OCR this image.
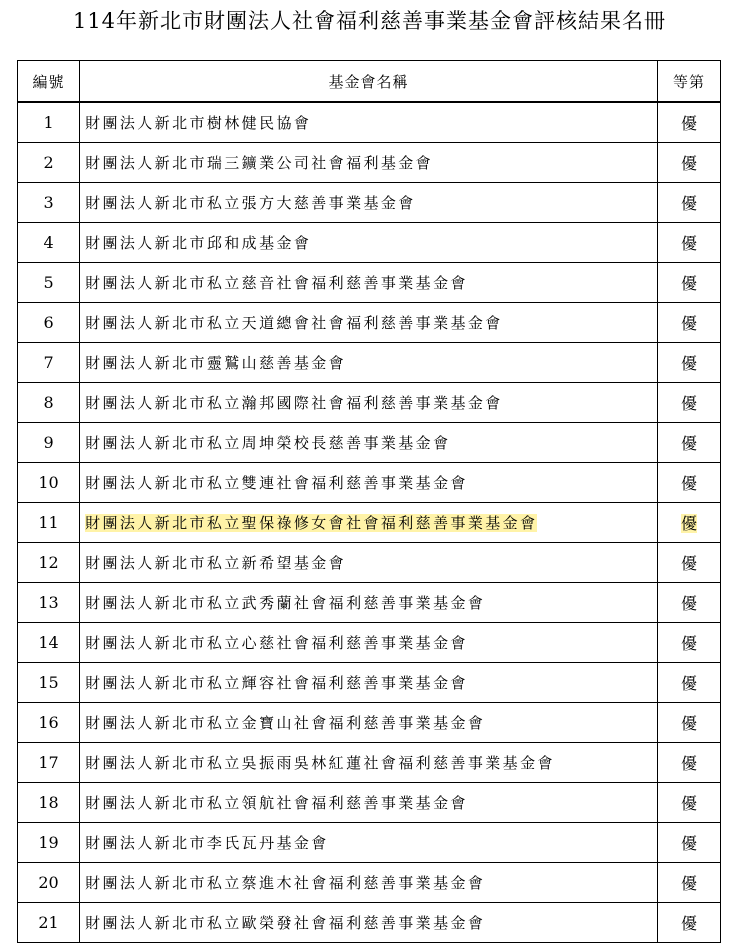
114年新北市財團法人社會福利慈善事業基金會評核結果名冊
編號	基金會名稱	等第
1	財團法人新北市樹林健民協會	優
2	財團法人新北市瑞三鑛業公司社會福利基金會	優
3	財團法人新北市私立張方大慈善事業基金會	優
4	財團法人新北市邱和成基金會	優
5	財團法人新北市私立慈音社會福利慈善事業基金會	優
6	財團法人新北市私立天道總會社會福利慈善事業基金會	優
7	財團法人新北市靈鷲山慈善基金會	優
8	財團法人新北市私立瀚邦國際社會福利慈善事業基金會	優
9	財團法人新北市私立周坤榮校長慈善事業基金會	優
10	財團法人新北市私立雙連社會福利慈善事業基金會	優
11	財團法人新北市私立聖保祿修女會社會福利慈善事業基金會	優
12	財團法人新北市私立新希望基金會	優
13	財團法人新北市私立武秀蘭社會福利慈善事業基金會	優
14	財團法人新北市私立心慈社會福利慈善事業基金會	優
15	財團法人新北市私立輝容社會福利慈善事業基金會	優
16	財團法人新北市私立金寶山社會福利慈善事業基金會	優
17	財團法人新北市私立吳振雨吳林紅蓮社會福利慈善事業基金會	優
18	財團法人新北市私立領航社會福利慈善事業基金會	優
19	財團法人新北市李氏瓦丹基金會	優
20	財團法人新北市私立蔡進木社會福利慈善事業基金會	優
21	財團法人新北市私立歐榮發社會福利慈善事業基金會	優
